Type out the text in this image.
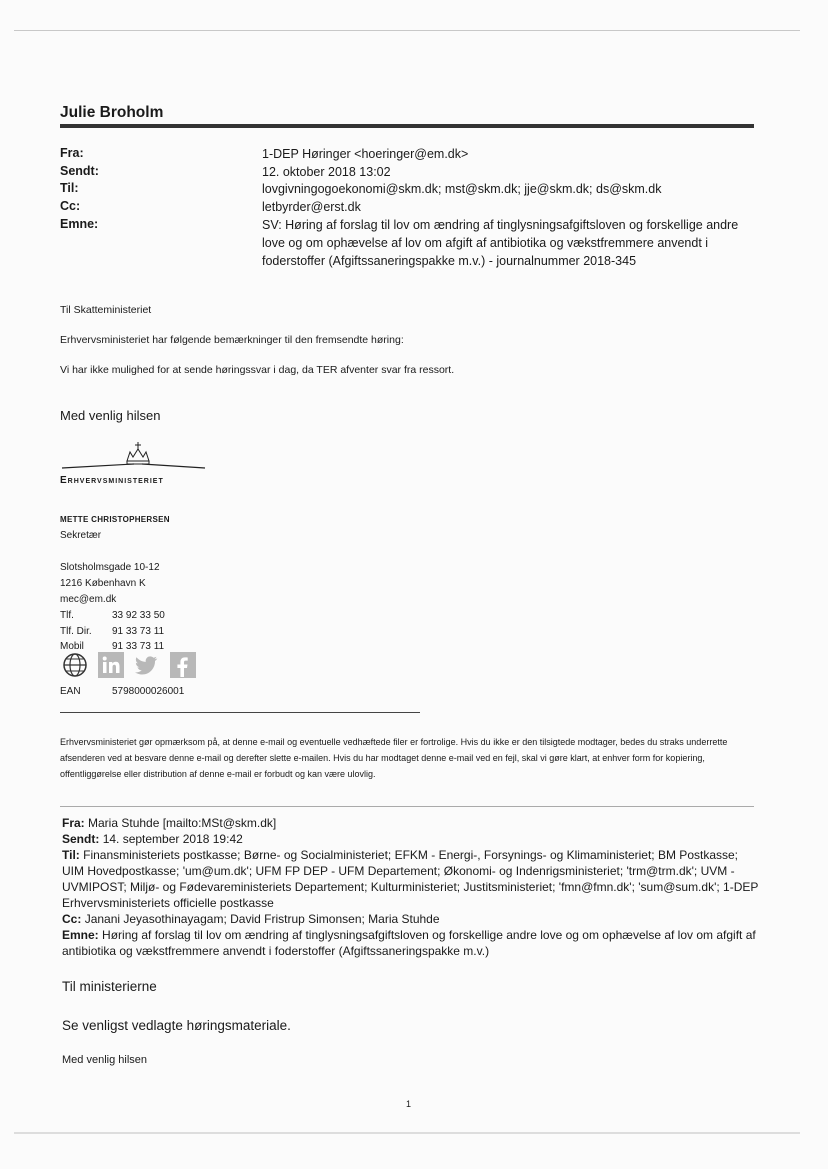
Julie Broholm
Fra:	1-DEP Høringer <hoeringer@em.dk>
Sendt:	12. oktober 2018 13:02
Til:	lovgivningogoekonomi@skm.dk; mst@skm.dk; jje@skm.dk; ds@skm.dk
Cc:	letbyrder@erst.dk
Emne:	SV: Høring af forslag til lov om ændring af tinglysningsafgiftsloven og forskellige andre love og om ophævelse af lov om afgift af antibiotika og vækstfremmere anvendt i foderstoffer (Afgiftssaneringspakke m.v.) - journalnummer 2018-345
Til Skatteministeriet
Erhvervsministeriet har følgende bemærkninger til den fremsendte høring:
Vi har ikke mulighed for at sende høringssvar i dag, da TER afventer svar fra ressort.
Med venlig hilsen
Erhvervsministeriet
METTE CHRISTOPHERSEN
Sekretær
Slotsholmsgade 10-12
1216 København K
mec@em.dk
Tlf.	33 92 33 50
Tlf. Dir. 91 33 73 11
Mobil	91 33 73 11
EAN	5798000026001
Erhvervsministeriet gør opmærksom på, at denne e-mail og eventuelle vedhæftede filer er fortrolige. Hvis du ikke er den tilsigtede modtager, bedes du straks underrette afsenderen ved at besvare denne e-mail og derefter slette e-mailen. Hvis du har modtaget denne e-mail ved en fejl, skal vi gøre klart, at enhver form for kopiering, offentliggørelse eller distribution af denne e-mail er forbudt og kan være ulovlig.
Fra: Maria Stuhde [mailto:MSt@skm.dk]
Sendt: 14. september 2018 19:42
Til: Finansministeriets postkasse; Børne- og Socialministeriet; EFKM - Energi-, Forsynings- og Klimaministeriet; BM Postkasse; UIM Hovedpostkasse; 'um@um.dk'; UFM FP DEP - UFM Departement; Økonomi- og Indenrigsministeriet; 'trm@trm.dk'; UVM - UVMIPOST; Miljø- og Fødevareministeriets Departement; Kulturministeriet; Justitsministeriet; 'fmn@fmn.dk'; 'sum@sum.dk'; 1-DEP Erhvervsministeriets officielle postkasse
Cc: Janani Jeyasothinayagam; David Fristrup Simonsen; Maria Stuhde
Emne: Høring af forslag til lov om ændring af tinglysningsafgiftsloven og forskellige andre love og om ophævelse af lov om afgift af antibiotika og vækstfremmere anvendt i foderstoffer (Afgiftssaneringspakke m.v.)
Til ministerierne
Se venligst vedlagte høringsmateriale.
Med venlig hilsen
1
